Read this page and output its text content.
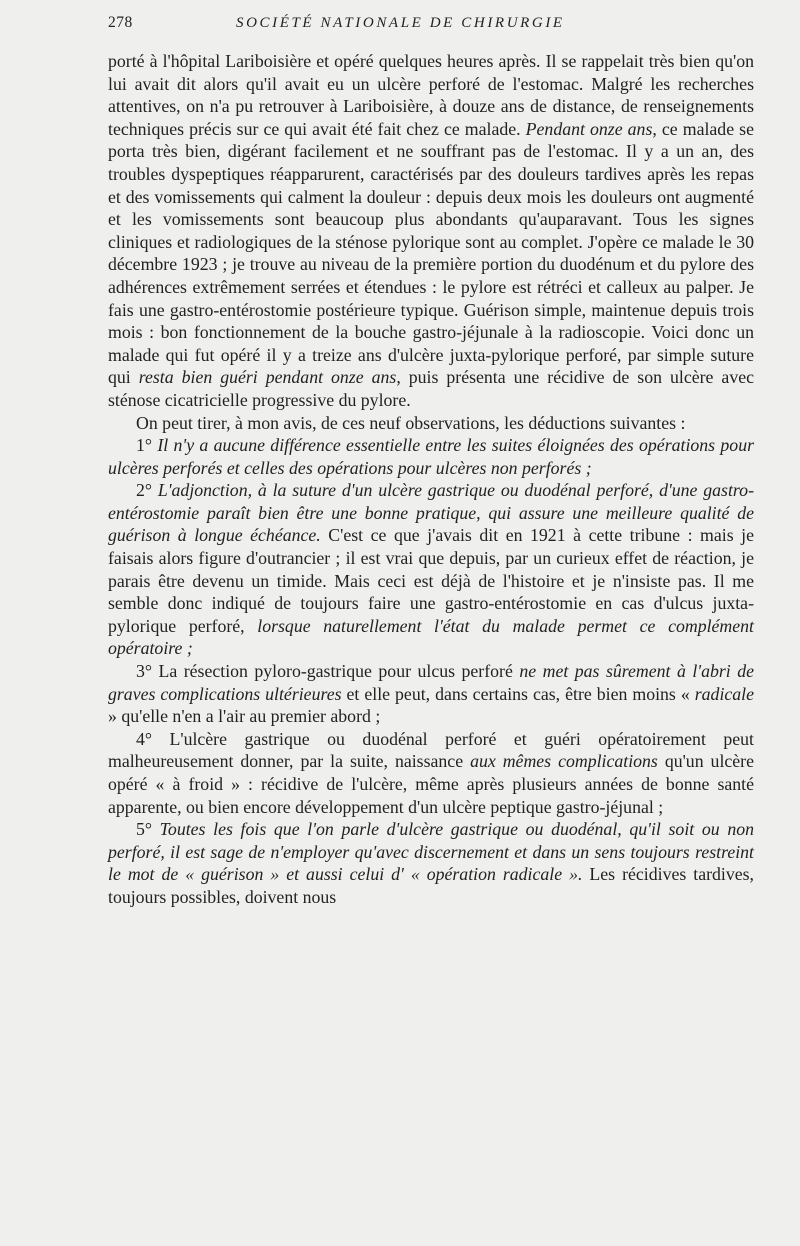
278	SOCIÉTÉ NATIONALE DE CHIRURGIE

porté à l'hôpital Lariboisière et opéré quelques heures après. Il se rappelait très bien qu'on lui avait dit alors qu'il avait eu un ulcère perforé de l'estomac. Malgré les recherches attentives, on n'a pu retrouver à Lariboisière, à douze ans de distance, de renseignements techniques précis sur ce qui avait été fait chez ce malade. Pendant onze ans, ce malade se porta très bien, digérant facilement et ne souffrant pas de l'estomac. Il y a un an, des troubles dyspeptiques réapparurent, caractérisés par des douleurs tardives après les repas et des vomissements qui calment la douleur : depuis deux mois les douleurs ont augmenté et les vomissements sont beaucoup plus abondants qu'auparavant. Tous les signes cliniques et radiologiques de la sténose pylorique sont au complet. J'opère ce malade le 30 décembre 1923 ; je trouve au niveau de la première portion du duodénum et du pylore des adhérences extrêmement serrées et étendues : le pylore est rétréci et calleux au palper. Je fais une gastro-entérostomie postérieure typique. Guérison simple, maintenue depuis trois mois : bon fonctionnement de la bouche gastro-jéjunale à la radioscopie. Voici donc un malade qui fut opéré il y a treize ans d'ulcère juxta-pylorique perforé, par simple suture qui resta bien guéri pendant onze ans, puis présenta une récidive de son ulcère avec sténose cicatricielle progressive du pylore.

On peut tirer, à mon avis, de ces neuf observations, les déductions suivantes :

1° Il n'y a aucune différence essentielle entre les suites éloignées des opérations pour ulcères perforés et celles des opérations pour ulcères non perforés ;

2° L'adjonction, à la suture d'un ulcère gastrique ou duodénal perforé, d'une gastro-entérostomie paraît bien être une bonne pratique, qui assure une meilleure qualité de guérison à longue échéance. C'est ce que j'avais dit en 1921 à cette tribune : mais je faisais alors figure d'outrancier ; il est vrai que depuis, par un curieux effet de réaction, je parais être devenu un timide. Mais ceci est déjà de l'histoire et je n'insiste pas. Il me semble donc indiqué de toujours faire une gastro-entérostomie en cas d'ulcus juxta-pylorique perforé, lorsque naturellement l'état du malade permet ce complément opératoire ;

3° La résection pyloro-gastrique pour ulcus perforé ne met pas sûrement à l'abri de graves complications ultérieures et elle peut, dans certains cas, être bien moins « radicale » qu'elle n'en a l'air au premier abord ;

4° L'ulcère gastrique ou duodénal perforé et guéri opératoirement peut malheureusement donner, par la suite, naissance aux mêmes complications qu'un ulcère opéré « à froid » : récidive de l'ulcère, même après plusieurs années de bonne santé apparente, ou bien encore développement d'un ulcère peptique gastro-jéjunal ;

5° Toutes les fois que l'on parle d'ulcère gastrique ou duodénal, qu'il soit ou non perforé, il est sage de n'employer qu'avec discernement et dans un sens toujours restreint le mot de « guérison » et aussi celui d' « opération radicale ». Les récidives tardives, toujours possibles, doivent nous
